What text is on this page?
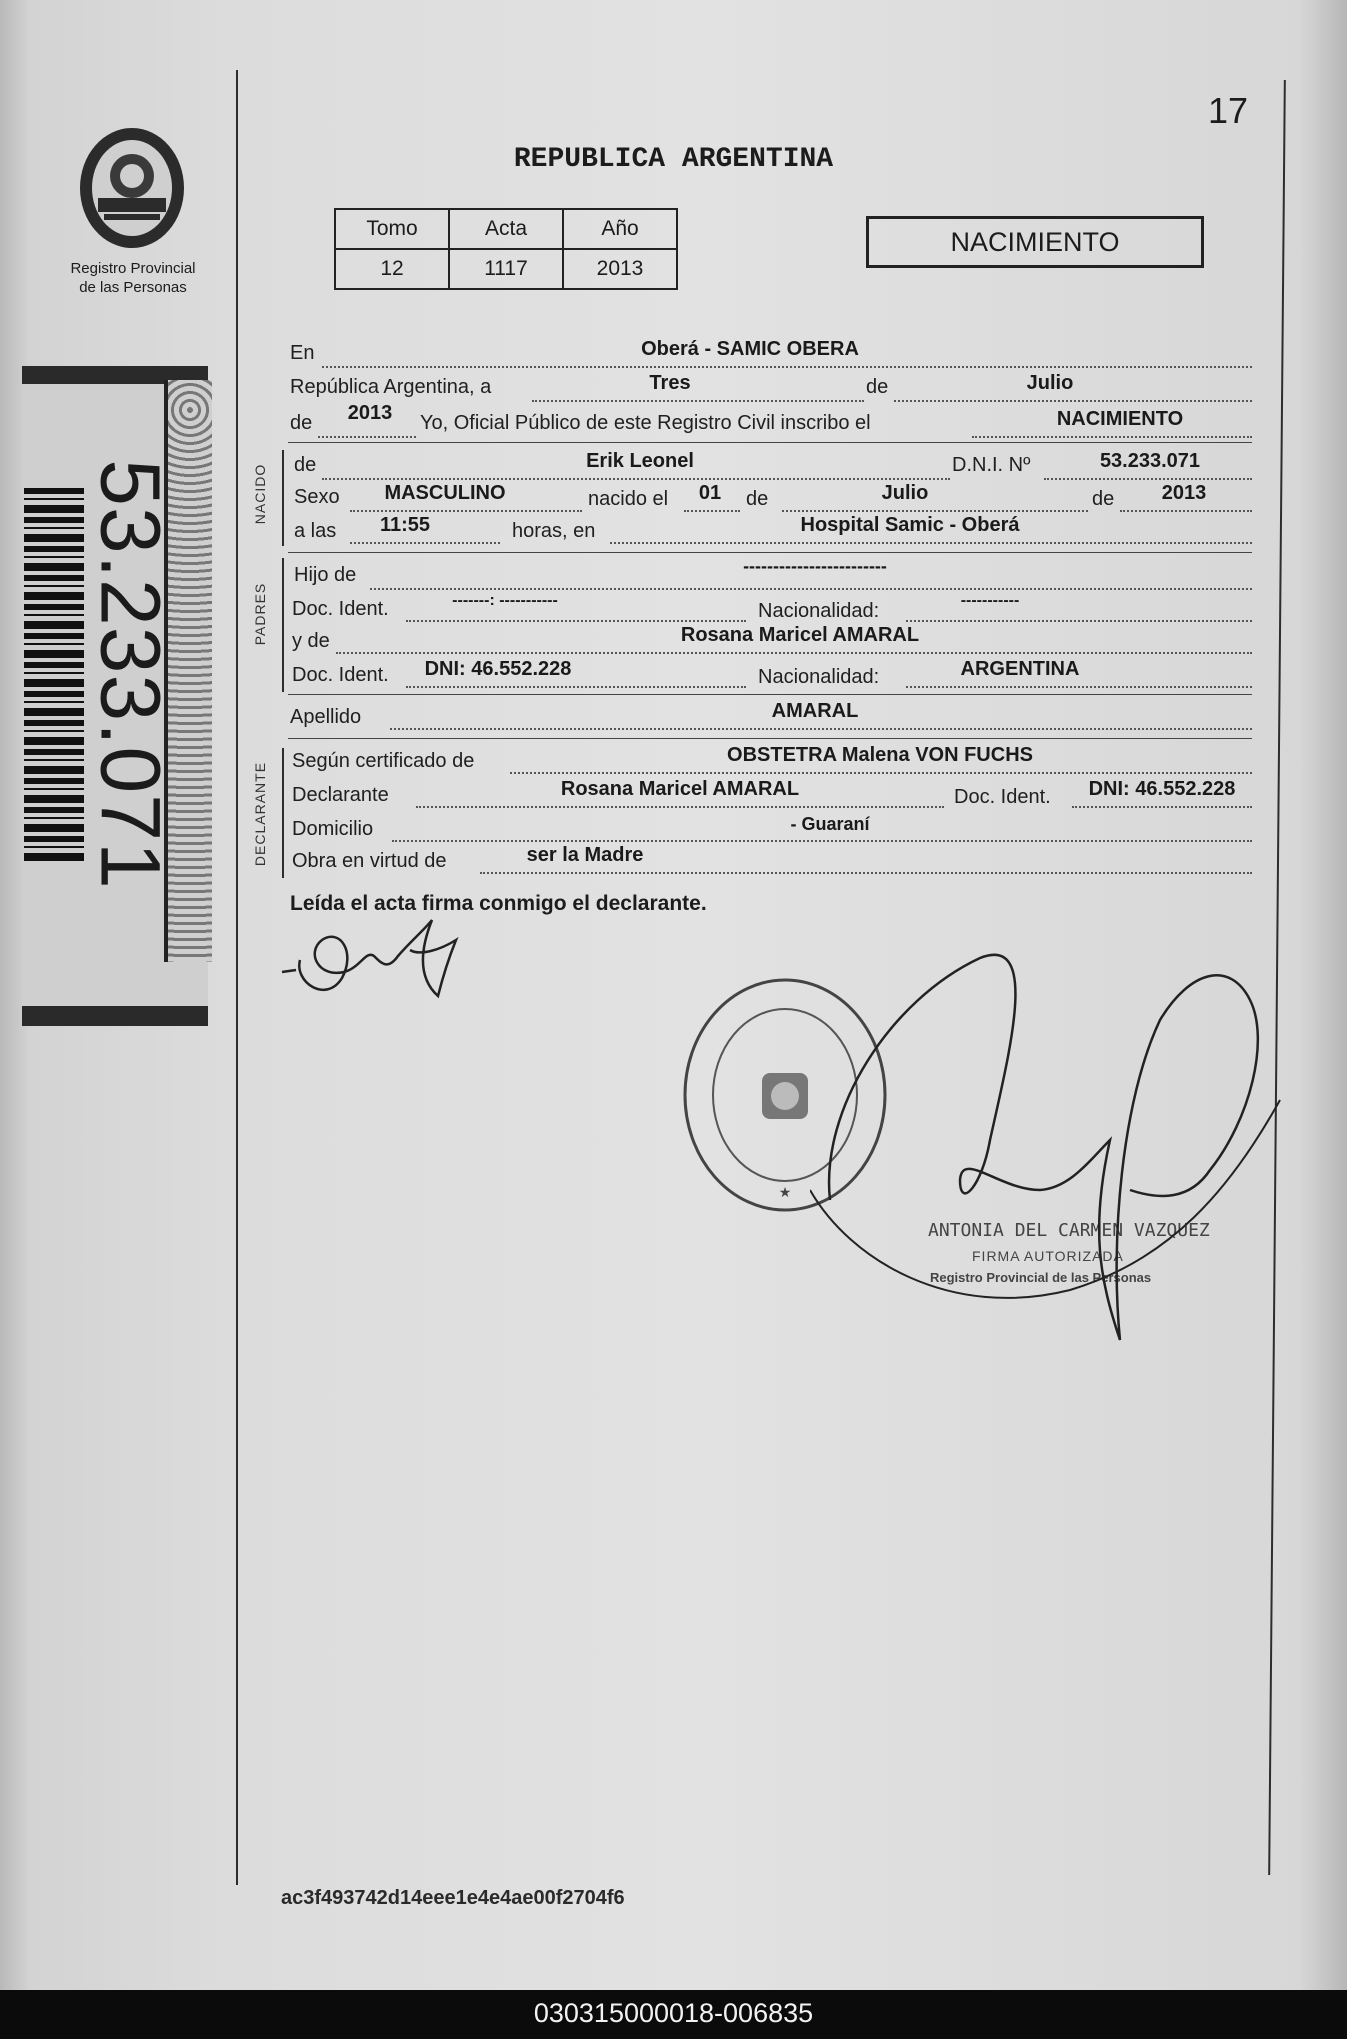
Registro Provincial
de las Personas
53.233.071
17
REPUBLICA ARGENTINA
Tomo	Acta	Año
12	1117	2013
NACIMIENTO
En	Oberá - SAMIC OBERA
República Argentina, a	Tres	de	Julio
de	2013	Yo, Oficial Público de este Registro Civil inscribo el	NACIMIENTO
NACIDO de	Erik Leonel	D.N.I. Nº	53.233.071
Sexo	MASCULINO	nacido el	01	de	Julio	de	2013
a las	11:55	horas, en	Hospital Samic - Oberá
PADRES
Hijo de	------------------------
Doc. Ident.	-------: -----------	Nacionalidad:	-----------
y de	Rosana Maricel AMARAL
Doc. Ident.	DNI: 46.552.228	Nacionalidad:	ARGENTINA
Apellido	AMARAL
DECLARANTE
Según certificado de	OBSTETRA Malena VON FUCHS
Declarante	Rosana Maricel AMARAL	Doc. Ident.	DNI: 46.552.228
Domicilio	- Guaraní
Obra en virtud de	ser la Madre
Leída el acta firma conmigo el declarante.
★
ANTONIA DEL CARMEN VAZQUEZ
FIRMA AUTORIZADA
Registro Provincial de las Personas
ac3f493742d14eee1e4e4ae00f2704f6
030315000018-006835
